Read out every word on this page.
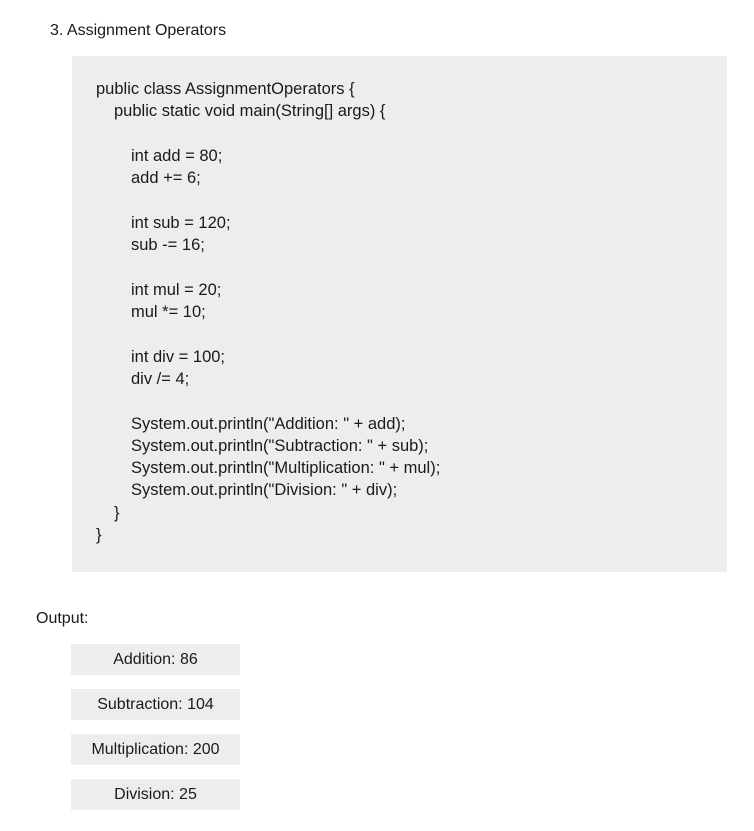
3. Assignment Operators
public class AssignmentOperators {
public static void main(String[] args) {
int add = 80;
add += 6;
int sub = 120;
sub -= 16;
int mul = 20;
mul *= 10;
int div = 100;
div /= 4;
System.out.println("Addition: " + add);
System.out.println("Subtraction: " + sub);
System.out.println("Multiplication: " + mul);
System.out.println("Division: " + div);
}
}
Output:
Addition: 86
Subtraction: 104
Multiplication: 200
Division: 25
